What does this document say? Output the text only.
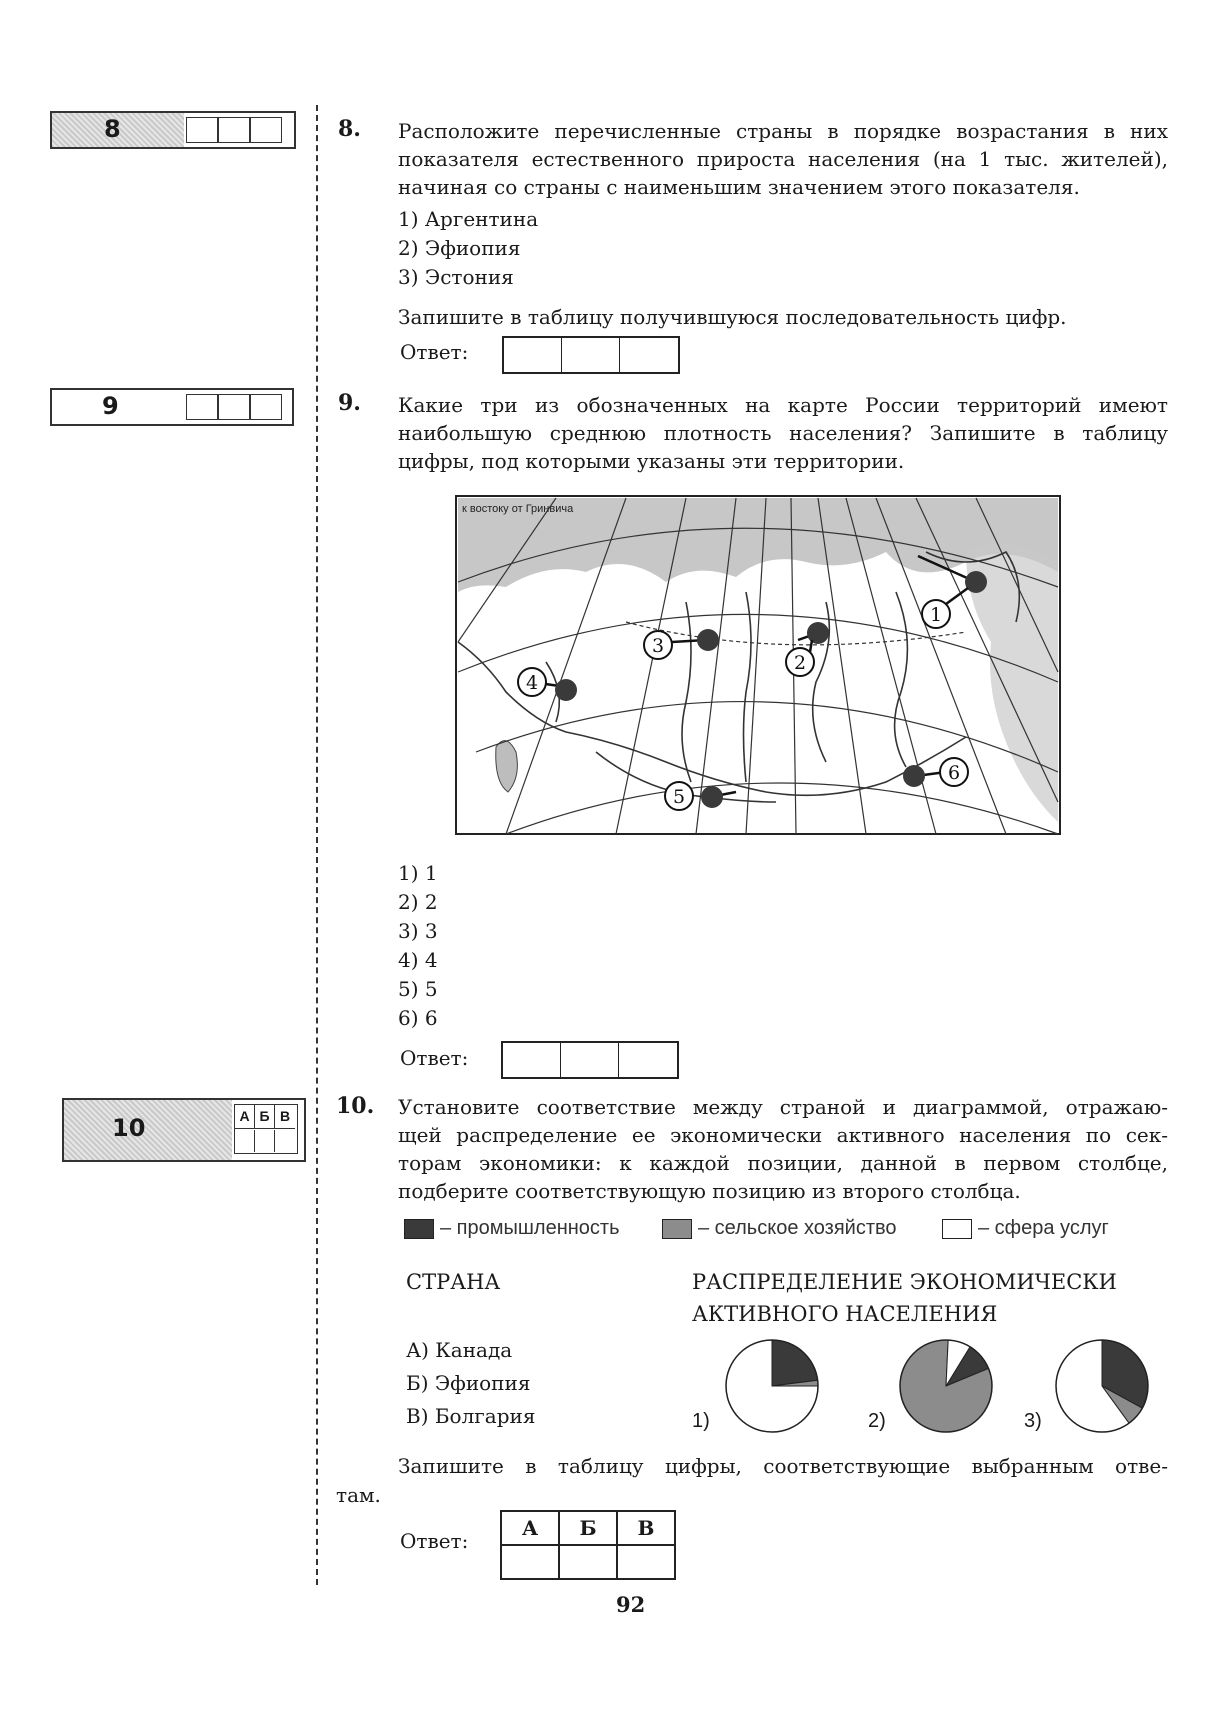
8
9
10	А Б В
8. Расположите перечисленные страны в порядке возрастания в них
показателя естественного прироста населения (на 1 тыс. жителей),
начиная со страны с наименьшим значением этого показателя.
1) Аргентина
2) Эфиопия
3) Эстония
Запишите в таблицу получившуюся последовательность цифр.
Ответ:
9. Какие три из обозначенных на карте России территорий имеют
наибольшую среднюю плотность населения? Запишите в таблицу
цифры, под которыми указаны эти территории.
1
2
3
4
5
6
к востоку от Гринвича
1) 1
2) 2
3) 3
4) 4
5) 5
6) 6
Ответ:
10. Установите соответствие между страной и диаграммой, отражаю-
щей распределение ее экономически активного населения по сек-
торам экономики: к каждой позиции, данной в первом столбце,
подберите соответствующую позицию из второго столбца.
– промышленность	– сельское хозяйство	– сфера услуг
СТРАНА	РАСПРЕДЕЛЕНИЕ ЭКОНОМИЧЕСКИ
АКТИВНОГО НАСЕЛЕНИЯ
А) Канада
Б) Эфиопия
В) Болгария	1)	2)	3)
Запишите в таблицу цифры, соответствующие выбранным отве-
там.
Ответ:
А	Б	В

92
